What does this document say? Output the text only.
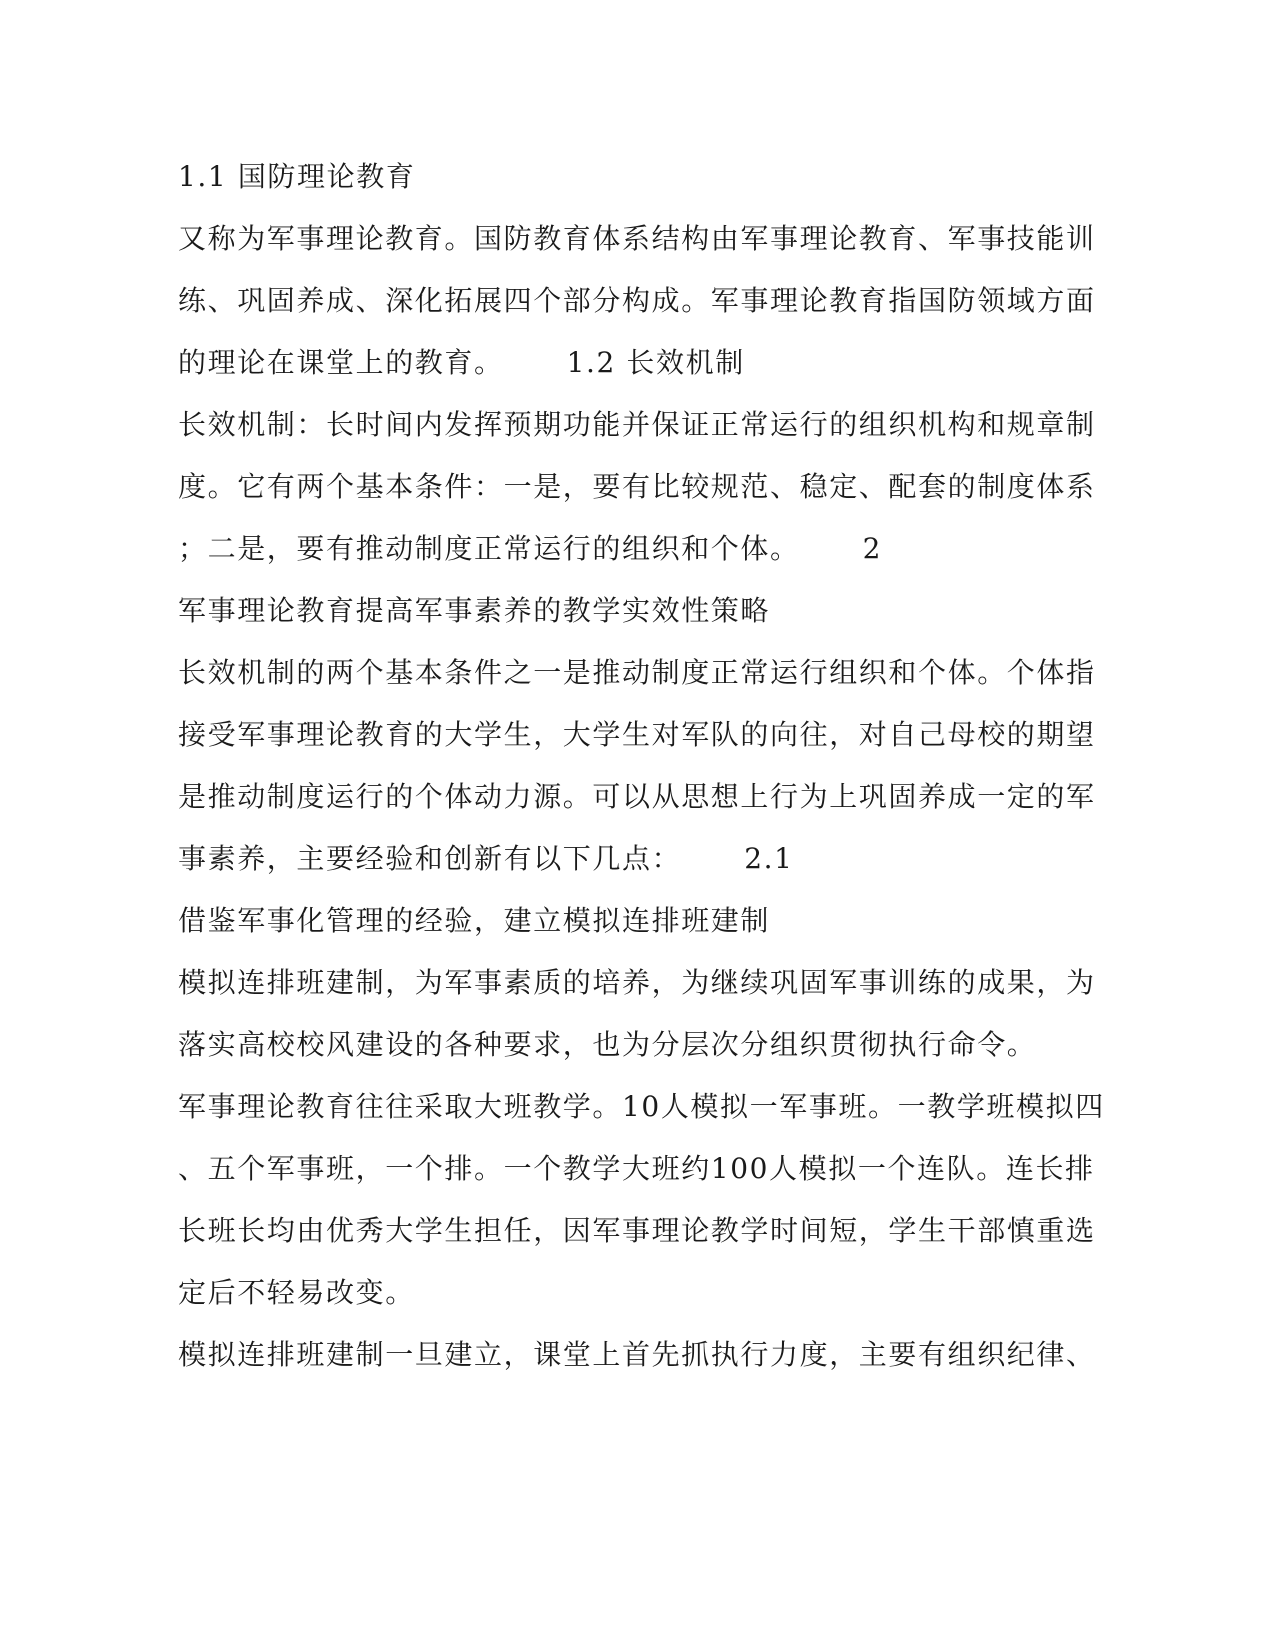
1.1 国防理论教育
又称为军事理论教育。国防教育体系结构由军事理论教育、军事技能训
练、巩固养成、深化拓展四个部分构成。军事理论教育指国防领域方面
的理论在课堂上的教育。      1.2 长效机制
长效机制：长时间内发挥预期功能并保证正常运行的组织机构和规章制
度。它有两个基本条件：一是，要有比较规范、稳定、配套的制度体系
；二是，要有推动制度正常运行的组织和个体。      2
军事理论教育提高军事素养的教学实效性策略
长效机制的两个基本条件之一是推动制度正常运行组织和个体。个体指
接受军事理论教育的大学生，大学生对军队的向往，对自己母校的期望
是推动制度运行的个体动力源。可以从思想上行为上巩固养成一定的军
事素养，主要经验和创新有以下几点：      2.1
借鉴军事化管理的经验，建立模拟连排班建制
模拟连排班建制，为军事素质的培养，为继续巩固军事训练的成果，为
落实高校校风建设的各种要求，也为分层次分组织贯彻执行命令。
军事理论教育往往采取大班教学。10人模拟一军事班。一教学班模拟四
、五个军事班，一个排。一个教学大班约100人模拟一个连队。连长排
长班长均由优秀大学生担任，因军事理论教学时间短，学生干部慎重选
定后不轻易改变。
模拟连排班建制一旦建立，课堂上首先抓执行力度，主要有组织纪律、
